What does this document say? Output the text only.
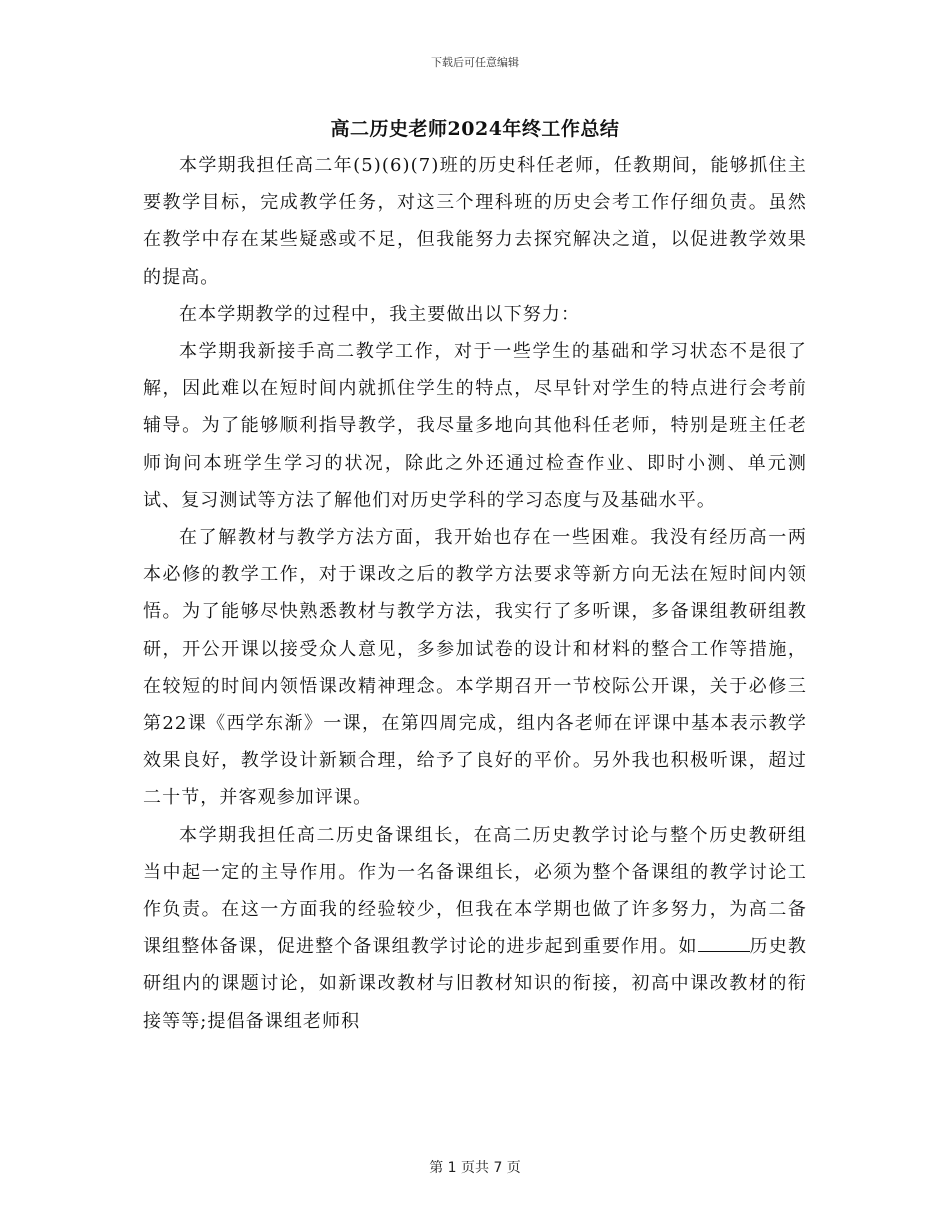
下载后可任意编辑
高二历史老师2024年终工作总结

本学期我担任高二年(5)(6)(7)班的历史科任老师，任教期间，能够抓住主要教学目标，完成教学任务，对这三个理科班的历史会考工作仔细负责。虽然在教学中存在某些疑惑或不足，但我能努力去探究解决之道，以促进教学效果的提高。

在本学期教学的过程中，我主要做出以下努力：

本学期我新接手高二教学工作，对于一些学生的基础和学习状态不是很了解，因此难以在短时间内就抓住学生的特点，尽早针对学生的特点进行会考前辅导。为了能够顺利指导教学，我尽量多地向其他科任老师，特别是班主任老师询问本班学生学习的状况，除此之外还通过检查作业、即时小测、单元测试、复习测试等方法了解他们对历史学科的学习态度与及基础水平。

在了解教材与教学方法方面，我开始也存在一些困难。我没有经历高一两本必修的教学工作，对于课改之后的教学方法要求等新方向无法在短时间内领悟。为了能够尽快熟悉教材与教学方法，我实行了多听课，多备课组教研组教研，开公开课以接受众人意见，多参加试卷的设计和材料的整合工作等措施，在较短的时间内领悟课改精神理念。本学期召开一节校际公开课，关于必修三第22课《西学东渐》一课，在第四周完成，组内各老师在评课中基本表示教学效果良好，教学设计新颖合理，给予了良好的平价。另外我也积极听课，超过二十节，并客观参加评课。

本学期我担任高二历史备课组长，在高二历史教学讨论与整个历史教研组当中起一定的主导作用。作为一名备课组长，必须为整个备课组的教学讨论工作负责。在这一方面我的经验较少，但我在本学期也做了许多努力，为高二备课组整体备课，促进整个备课组教学讨论的进步起到重要作用。如	历史教研组内的课题讨论，如新课改教材与旧教材知识的衔接，初高中课改教材的衔接等等;提倡备课组老师积

第 1 页共 7 页
